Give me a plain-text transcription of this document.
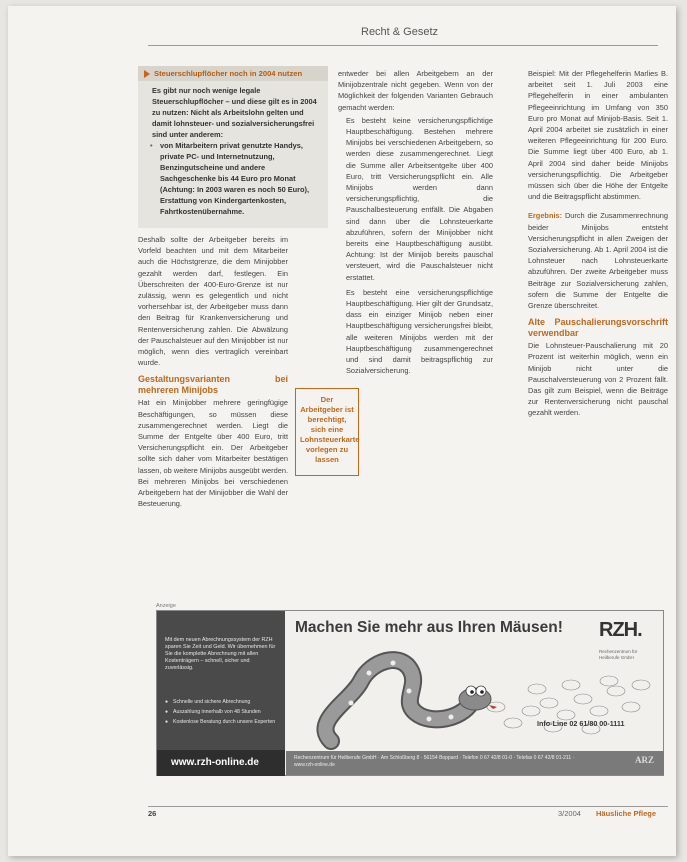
Recht & Gesetz
Steuerschlupflöcher noch in 2004 nutzen

Es gibt nur noch wenige legale Steuerschlupflöcher – und diese gilt es in 2004 zu nutzen: Nicht als Arbeitslohn gelten und damit lohnsteuer- und sozialversicherungsfrei sind unter anderem:

• von Mitarbeitern privat genutzte Handys, private PC- und Internetnutzung, Benzingutscheine und andere Sachgeschenke bis 44 Euro pro Monat (Achtung: In 2003 waren es noch 50 Euro), Erstattung von Kindergartenkosten, Fahrtkostenübernahme.

Deshalb sollte der Arbeitgeber bereits im Vorfeld beachten und mit dem Mitarbeiter auch die Höchstgrenze, die dem Minijobber gezahlt werden darf, festlegen. Ein Überschreiten der 400-Euro-Grenze ist nur zulässig, wenn es gelegentlich und nicht vorhersehbar ist, der Arbeitgeber muss dann den Beitrag für Krankenversicherung und Rentenversicherung zahlen. Die Abwälzung der Pauschalsteuer auf den Minijobber ist nur möglich, wenn dies vertraglich vereinbart wurde.

Gestaltungsvarianten bei mehreren Minijobs

Hat ein Minijobber mehrere geringfügige Beschäftigungen, so müssen diese zusammengerechnet werden. Liegt die Summe der Entgelte über 400 Euro, tritt Versicherungspflicht ein. Der Arbeitgeber sollte sich daher vom Mitarbeiter bestätigen lassen, ob weitere Minijobs ausgeübt werden. Bei mehreren Minijobs bei verschiedenen Arbeitgebern hat der Minijobber die Wahl der Besteuerung.

Der Arbeitgeber ist berechtigt, sich eine Lohnsteuerkarte vorlegen zu lassen

entweder bei allen Arbeitgebern an der Minijobzentrale nicht gegeben. Wenn von der Möglichkeit der folgenden Varianten Gebrauch gemacht werden:

Es besteht keine versicherungspflichtige Hauptbeschäftigung. Bestehen mehrere Minijobs bei verschiedenen Arbeitgebern, so werden diese zusammengerechnet. Liegt die Summe aller Arbeitsentgelte über 400 Euro, tritt Versicherungspflicht ein. Alle Minijobs werden dann versicherungspflichtig, die Pauschalbesteuerung entfällt. Die Abgaben sind dann über die Lohnsteuerkarte abzuführen, sofern der Minijobber nicht bereits eine Hauptbeschäftigung ausübt. Achtung: Ist der Minijob bereits pauschal versteuert, wird die Pauschalsteuer nicht erstattet.

Es besteht eine versicherungspflichtige Hauptbeschäftigung. Hier gilt der Grundsatz, dass ein einziger Minijob neben einer Hauptbeschäftigung versicherungsfrei bleibt, alle weiteren Minijobs werden mit der Hauptbeschäftigung zusammengerechnet und sind damit beitragspflichtig zur Sozialversicherung.

Beispiel: Mit der Pflegehelferin Marlies B. arbeitet seit 1. Juli 2003 eine Pflegehelferin in einer ambulanten Pflegeeinrichtung im Umfang von 350 Euro pro Monat auf Minijob-Basis. Seit 1. April 2004 arbeitet sie zusätzlich in einer weiteren Pflegeeinrichtung für 200 Euro. Die Summe liegt über 400 Euro, ab 1. April 2004 sind daher beide Minijobs versicherungspflichtig. Die Arbeitgeber müssen sich über die Höhe der Entgelte und die Beitragspflicht abstimmen.

Ergebnis: Durch die Zusammenrechnung beider Minijobs entsteht Versicherungspflicht in allen Zweigen der Sozialversicherung. Ab 1. April 2004 ist die Lohnsteuer nach Lohnsteuerkarte abzuführen. Der zweite Arbeitgeber muss Beiträge zur Sozialversicherung zahlen, sofern die Summe der Entgelte die Grenze überschreitet.

Alte Pauschalierungsvorschrift verwendbar

Die Lohnsteuer-Pauschalierung mit 20 Prozent ist weiterhin möglich, wenn ein Minijob nicht unter die Pauschalversteuerung von 2 Prozent fällt. Das gilt zum Beispiel, wenn die Beiträge zur Rentenversicherung nicht pauschal gezahlt werden.

Anzeige
Mit dem neuen Abrechnungssystem der RZH sparen Sie Zeit und Geld. Wir übernehmen für Sie die komplette Abrechnung mit allen Kostenträgern – schnell, sicher und zuverlässig.
● Schnelle und sichere Abrechnung
● Auszahlung innerhalb von 48 Stunden
● Kostenlose Beratung durch unsere Experten
www.rzh-online.de
Machen Sie mehr aus Ihren Mäusen! RZH.
Rechenzentrum für Heilberufe GmbH
Info-Line 02 61/80 00-1111
Rechenzentrum für Heilberufe GmbH · Am Schloßberg 8 · 56154 Boppard · Telefon 0 67 42/8 01-0 · Telefax 0 67 42/8 01-211 · www.rzh-online.de	ARZ
26	3/2004 Häusliche Pflege
